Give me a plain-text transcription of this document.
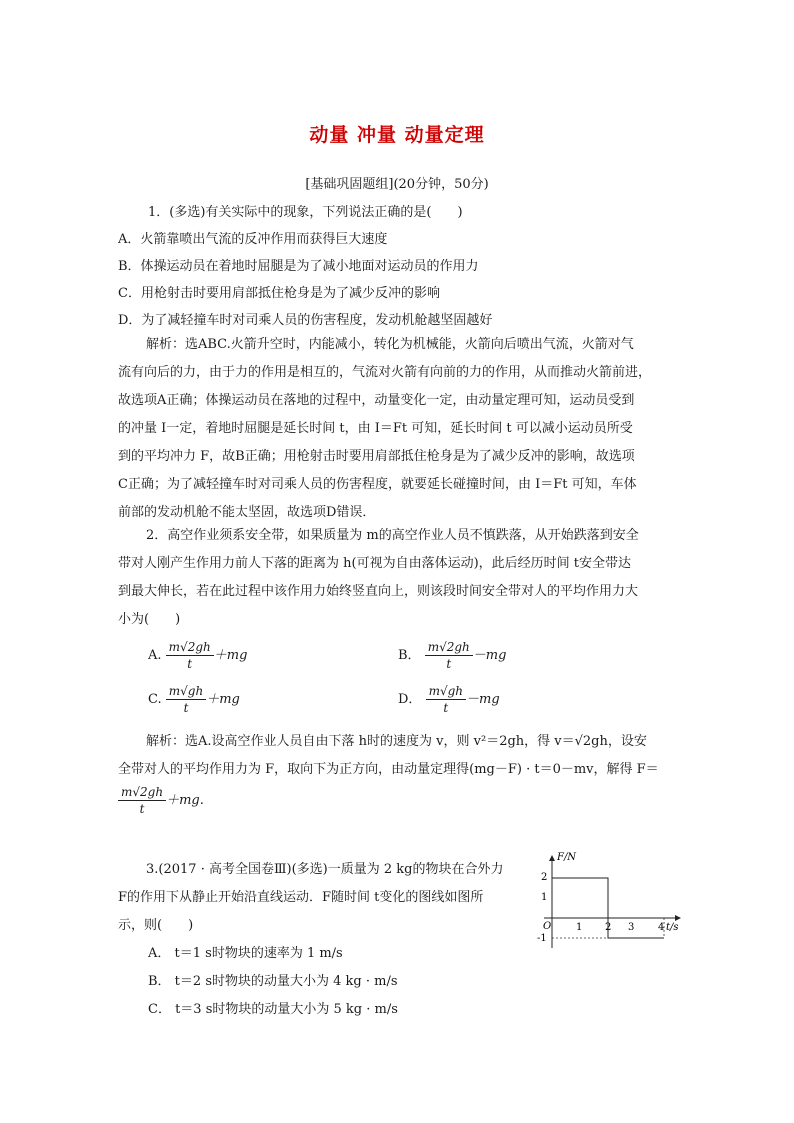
动量 冲量 动量定理
[基础巩固题组](20分钟，50分)
1．(多选)有关实际中的现象，下列说法正确的是(　　)
A．火箭靠喷出气流的反冲作用而获得巨大速度
B．体操运动员在着地时屈腿是为了减小地面对运动员的作用力
C．用枪射击时要用肩部抵住枪身是为了减少反冲的影响
D．为了减轻撞车时对司乘人员的伤害程度，发动机舱越坚固越好
解析：选ABC.火箭升空时，内能减小，转化为机械能，火箭向后喷出气流，火箭对气
流有向后的力，由于力的作用是相互的，气流对火箭有向前的力的作用，从而推动火箭前进，
故选项A正确；体操运动员在落地的过程中，动量变化一定，由动量定理可知，运动员受到
的冲量 I一定，着地时屈腿是延长时间 t，由 I＝Ft 可知，延长时间 t 可以减小运动员所受
到的平均冲力 F，故B正确；用枪射击时要用肩部抵住枪身是为了减少反冲的影响，故选项
C正确；为了减轻撞车时对司乘人员的伤害程度，就要延长碰撞时间，由 I＝Ft 可知，车体
前部的发动机舱不能太坚固，故选项D错误．
2．高空作业须系安全带，如果质量为 m的高空作业人员不慎跌落，从开始跌落到安全
带对人刚产生作用力前人下落的距离为 h(可视为自由落体运动)，此后经历时间 t安全带达
到最大伸长，若在此过程中该作用力始终竖直向上，则该段时间安全带对人的平均作用力大
小为(　　)
A. $\frac{m√2gh}{t} +mg$	B． $\frac{m√2gh}{t} -mg$
C. $\frac{m√gh}{t} +mg$	D． $\frac{m√gh}{t} -mg$
解析：选A.设高空作业人员自由下落 h时的速度为 v，则 v²＝2gh，得 v＝√2gh，设安
全带对人的平均作用力为 F，取向下为正方向，由动量定理得(mg－F) · t＝0－mv，解得 F＝
$\frac{m√2gh}{t} +mg$.
3.(2017 · 高考全国卷Ⅲ)(多选)一质量为 2 kg的物块在合外力
F的作用下从静止开始沿直线运动．F随时间 t变化的图线如图所
示，则(　　)
A． t＝1 s时物块的速率为 1 m/s
B． t＝2 s时物块的动量大小为 4 kg · m/s
C． t＝3 s时物块的动量大小为 5 kg · m/s
F/N
t/s
O
2
1
-1
1 2 3 4
